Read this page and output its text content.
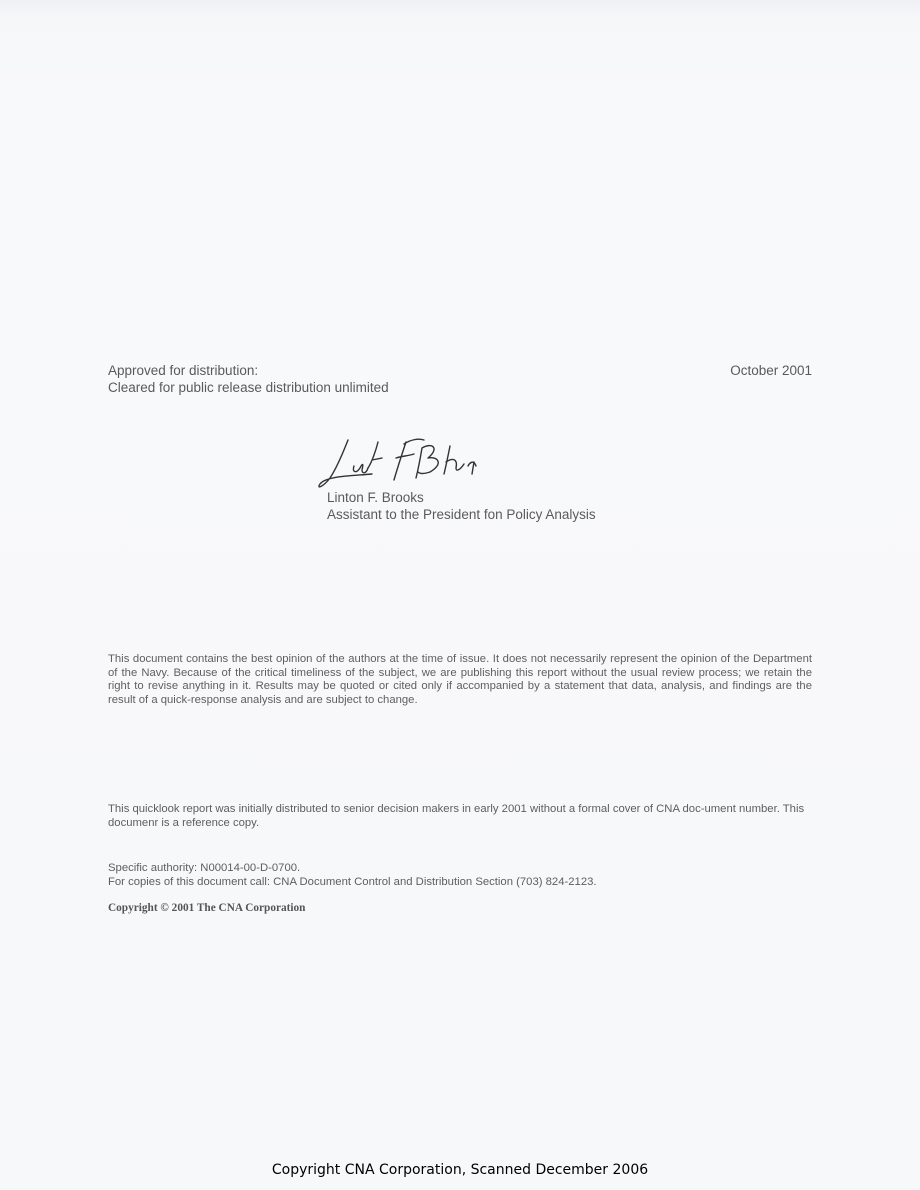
Approved for distribution:
Cleared for public release distribution unlimited
October 2001
Linton F. Brooks
Assistant to the President fon Policy Analysis
This document contains the best opinion of the authors at the time of issue. It does not necessarily represent the opinion of the Department of the Navy. Because of the critical timeliness of the subject, we are publishing this report without the usual review process; we retain the right to revise anything in it. Results may be quoted or cited only if accompanied by a statement that data, analysis, and findings are the result of a quick-response analysis and are subject to change.
This quicklook report was initially distributed to senior decision makers in early 2001 without a formal cover of CNA doc-ument number. This documenr is a reference copy.
Specific authority: N00014-00-D-0700.
For copies of this document call: CNA Document Control and Distribution Section (703) 824-2123.
Copyright © 2001 The CNA Corporation
Copyright CNA Corporation, Scanned December 2006
